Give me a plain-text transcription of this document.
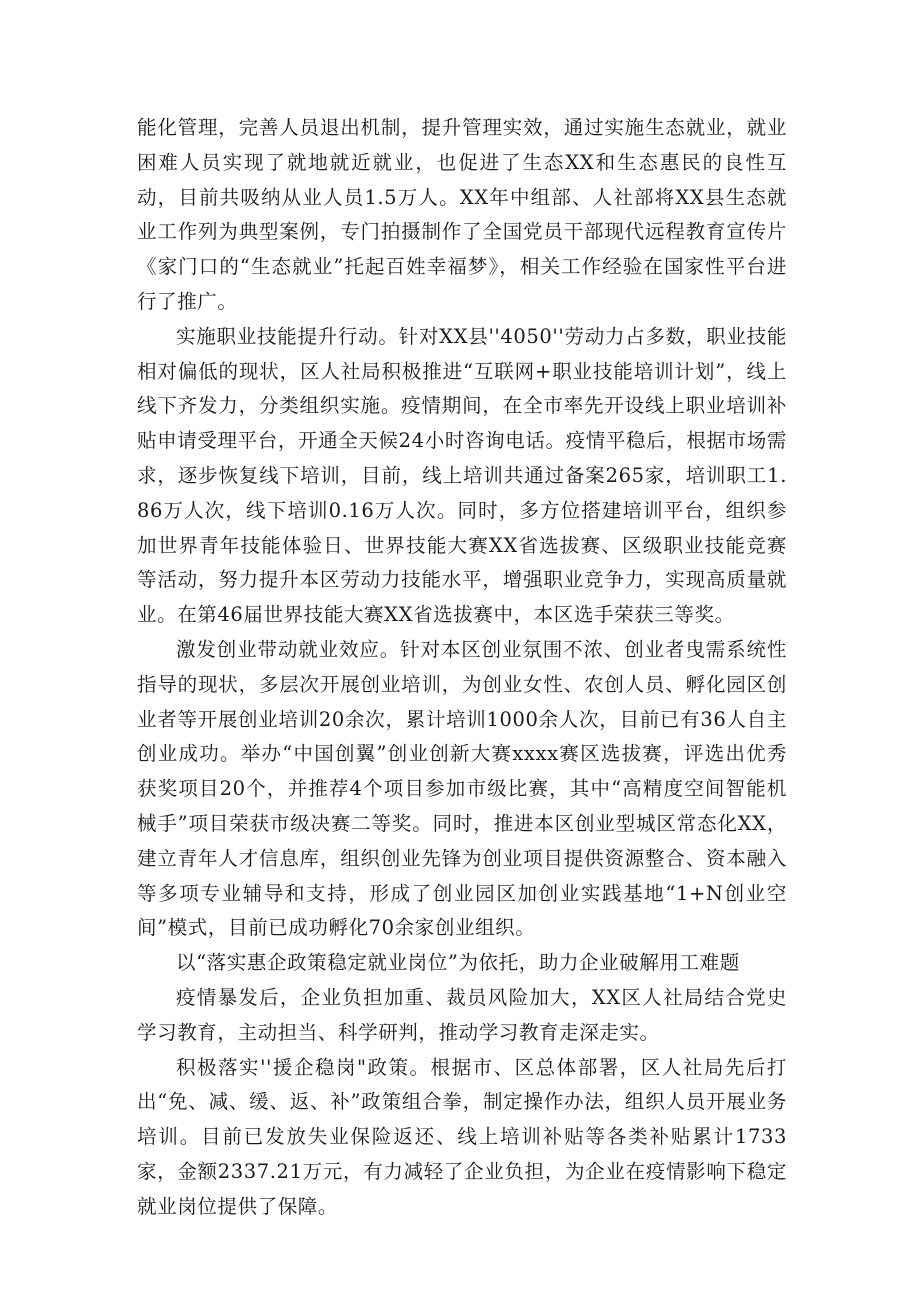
能化管理，完善人员退出机制，提升管理实效，通过实施生态就业，就业困难人员实现了就地就近就业，也促进了生态XX和生态惠民的良性互动，目前共吸纳从业人员1.5万人。XX年中组部、人社部将XX县生态就业工作列为典型案例，专门拍摄制作了全国党员干部现代远程教育宣传片《家门口的“生态就业”托起百姓幸福梦》，相关工作经验在国家性平台进行了推广。

实施职业技能提升行动。针对XX县''4050''劳动力占多数，职业技能相对偏低的现状，区人社局积极推进“互联网+职业技能培训计划”，线上线下齐发力，分类组织实施。疫情期间，在全市率先开设线上职业培训补贴申请受理平台，开通全天候24小时咨询电话。疫情平稳后，根据市场需求，逐步恢复线下培训，目前，线上培训共通过备案265家，培训职工1.86万人次，线下培训0.16万人次。同时，多方位搭建培训平台，组织参加世界青年技能体验日、世界技能大赛XX省选拔赛、区级职业技能竞赛等活动，努力提升本区劳动力技能水平，增强职业竞争力，实现高质量就业。在第46届世界技能大赛XX省选拔赛中，本区选手荣获三等奖。

激发创业带动就业效应。针对本区创业氛围不浓、创业者曳需系统性指导的现状，多层次开展创业培训，为创业女性、农创人员、孵化园区创业者等开展创业培训20余次，累计培训1000余人次，目前已有36人自主创业成功。举办“中国创翼”创业创新大赛xxxx赛区选拔赛，评选出优秀获奖项目20个，并推荐4个项目参加市级比赛，其中“高精度空间智能机械手”项目荣获市级决赛二等奖。同时，推进本区创业型城区常态化XX，建立青年人才信息库，组织创业先锋为创业项目提供资源整合、资本融入等多项专业辅导和支持，形成了创业园区加创业实践基地“1+N创业空间”模式，目前已成功孵化70余家创业组织。

以“落实惠企政策稳定就业岗位”为依托，助力企业破解用工难题

疫情暴发后，企业负担加重、裁员风险加大，XX区人社局结合党史学习教育，主动担当、科学研判，推动学习教育走深走实。

积极落实''援企稳岗"政策。根据市、区总体部署，区人社局先后打出“免、减、缓、返、补”政策组合拳，制定操作办法，组织人员开展业务培训。目前已发放失业保险返还、线上培训补贴等各类补贴累计1733家，金额2337.21万元，有力减轻了企业负担，为企业在疫情影响下稳定就业岗位提供了保障。
